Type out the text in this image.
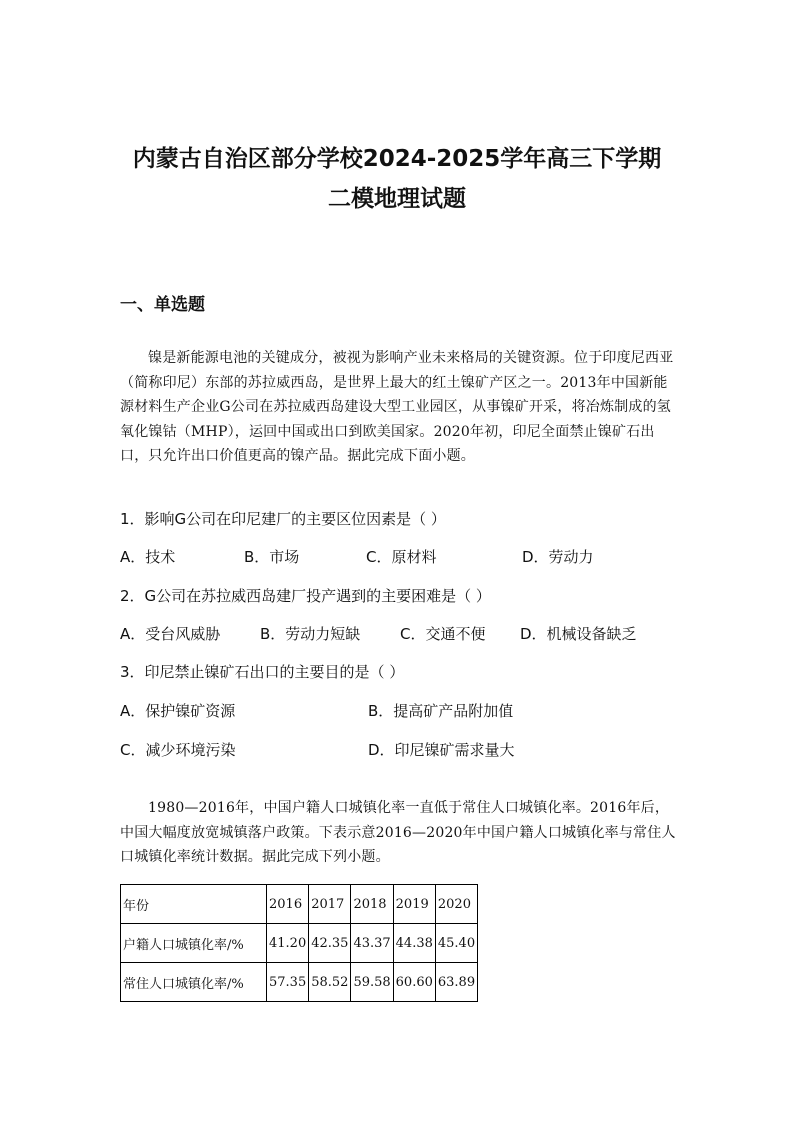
内蒙古自治区部分学校2024-2025学年高三下学期
二模地理试题
一、单选题

镍是新能源电池的关键成分，被视为影响产业未来格局的关键资源。位于印度尼西亚（简称印尼）东部的苏拉威西岛，是世界上最大的红土镍矿产区之一。2013年中国新能源材料生产企业G公司在苏拉威西岛建设大型工业园区，从事镍矿开采，将冶炼制成的氢氧化镍钴（MHP），运回中国或出口到欧美国家。2020年初，印尼全面禁止镍矿石出口，只允许出口价值更高的镍产品。据此完成下面小题。

1．影响G公司在印尼建厂的主要区位因素是（ ）
A．技术	B．市场	C．原材料	D．劳动力
2．G公司在苏拉威西岛建厂投产遇到的主要困难是（ ）
A．受台风威胁	B．劳动力短缺	C．交通不便 D．机械设备缺乏
3．印尼禁止镍矿石出口的主要目的是（ ）
A．保护镍矿资源	B．提高矿产品附加值
C．减少环境污染	D．印尼镍矿需求量大

1980—2016年，中国户籍人口城镇化率一直低于常住人口城镇化率。2016年后，中国大幅度放宽城镇落户政策。下表示意2016—2020年中国户籍人口城镇化率与常住人口城镇化率统计数据。据此完成下列小题。

年份	2016	2017	2018	2019	2020
户籍人口城镇化率/%	41.20	42.35	43.37	44.38	45.40
常住人口城镇化率/%	57.35	58.52	59.58	60.60	63.89
